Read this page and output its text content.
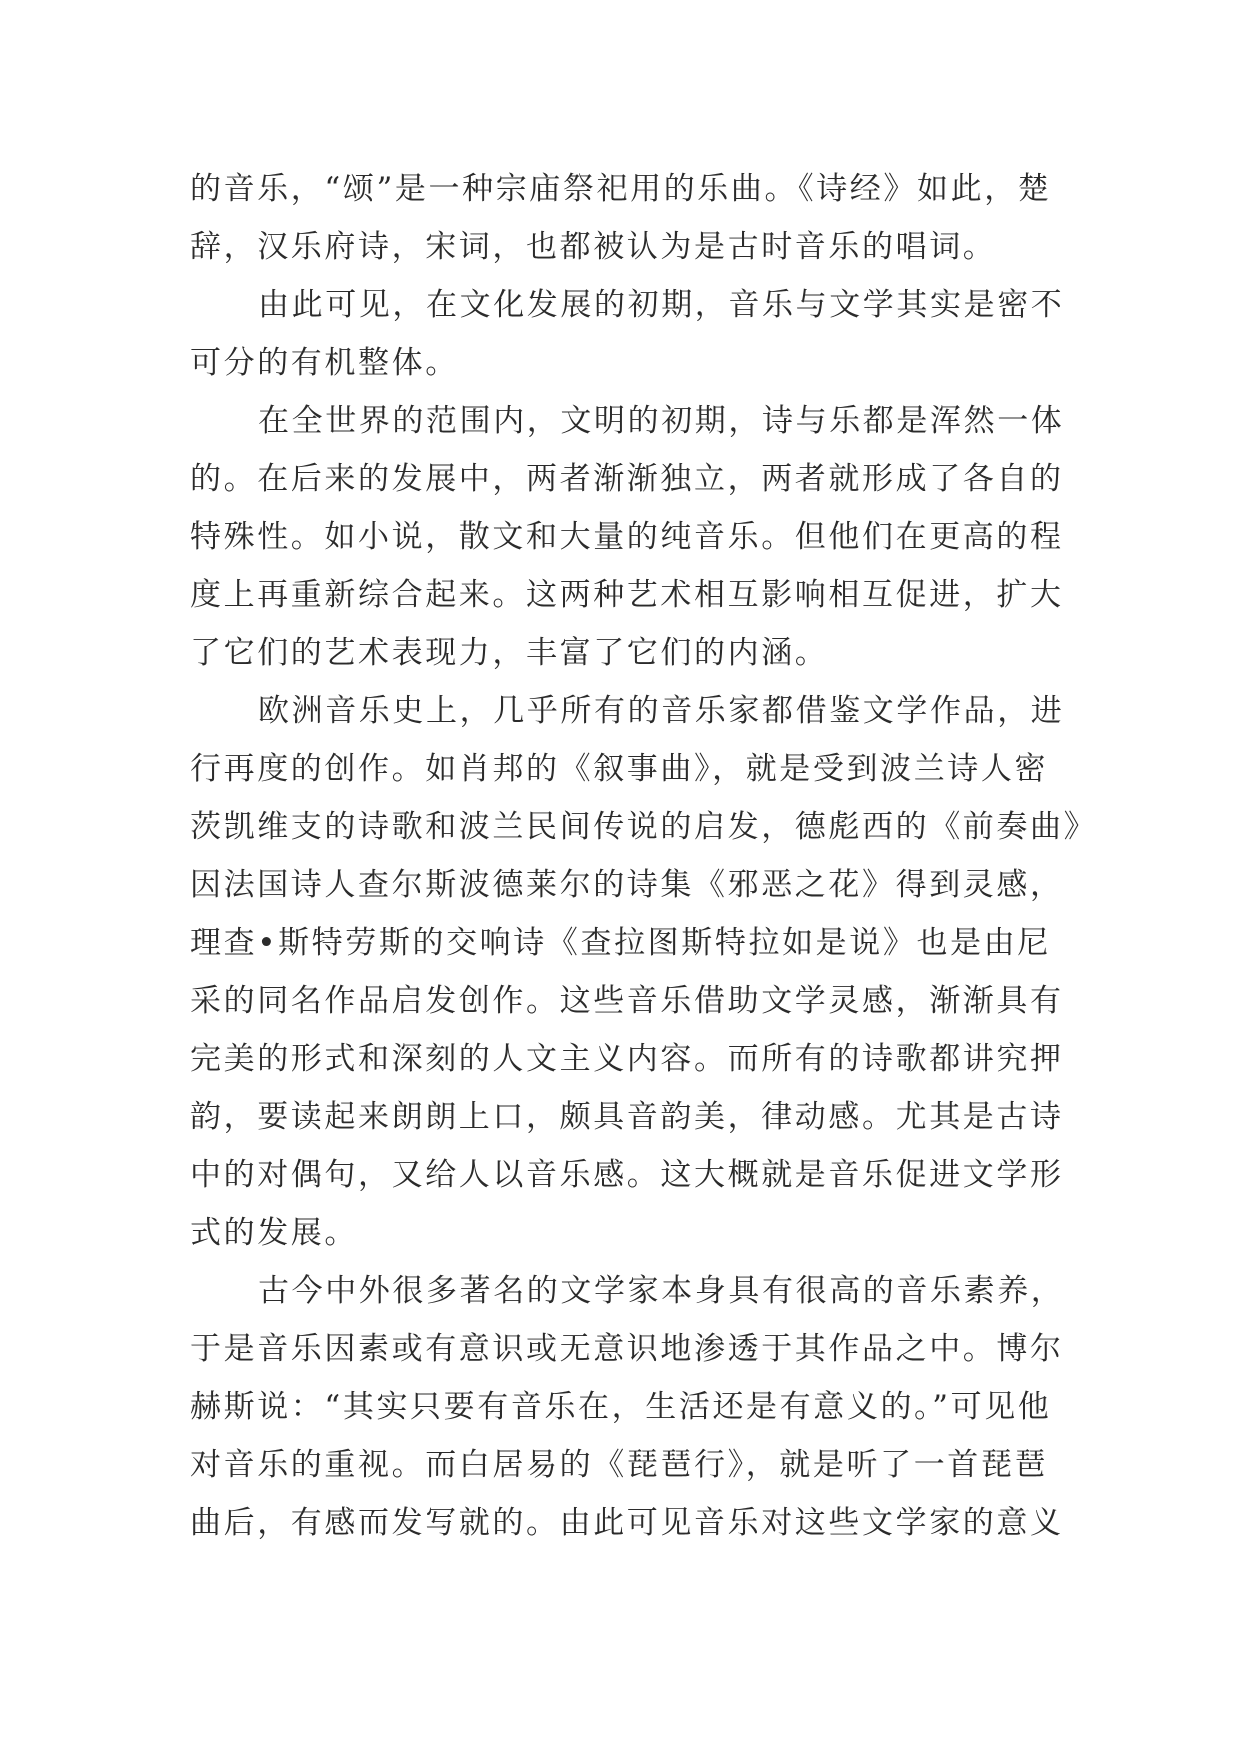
的音乐，“颂”是一种宗庙祭祀用的乐曲。《诗经》如此，楚
辞，汉乐府诗，宋词，也都被认为是古时音乐的唱词。
由此可见，在文化发展的初期，音乐与文学其实是密不
可分的有机整体。
在全世界的范围内，文明的初期，诗与乐都是浑然一体
的。在后来的发展中，两者渐渐独立，两者就形成了各自的
特殊性。如小说，散文和大量的纯音乐。但他们在更高的程
度上再重新综合起来。这两种艺术相互影响相互促进，扩大
了它们的艺术表现力，丰富了它们的内涵。
欧洲音乐史上，几乎所有的音乐家都借鉴文学作品，进
行再度的创作。如肖邦的《叙事曲》，就是受到波兰诗人密
茨凯维支的诗歌和波兰民间传说的启发，德彪西的《前奏曲》
因法国诗人查尔斯波德莱尔的诗集《邪恶之花》得到灵感，
理查•斯特劳斯的交响诗《查拉图斯特拉如是说》也是由尼
采的同名作品启发创作。这些音乐借助文学灵感，渐渐具有
完美的形式和深刻的人文主义内容。而所有的诗歌都讲究押
韵，要读起来朗朗上口，颇具音韵美，律动感。尤其是古诗
中的对偶句，又给人以音乐感。这大概就是音乐促进文学形
式的发展。
古今中外很多著名的文学家本身具有很高的音乐素养，
于是音乐因素或有意识或无意识地渗透于其作品之中。博尔
赫斯说：“其实只要有音乐在，生活还是有意义的。”可见他
对音乐的重视。而白居易的《琵琶行》，就是听了一首琵琶
曲后，有感而发写就的。由此可见音乐对这些文学家的意义
